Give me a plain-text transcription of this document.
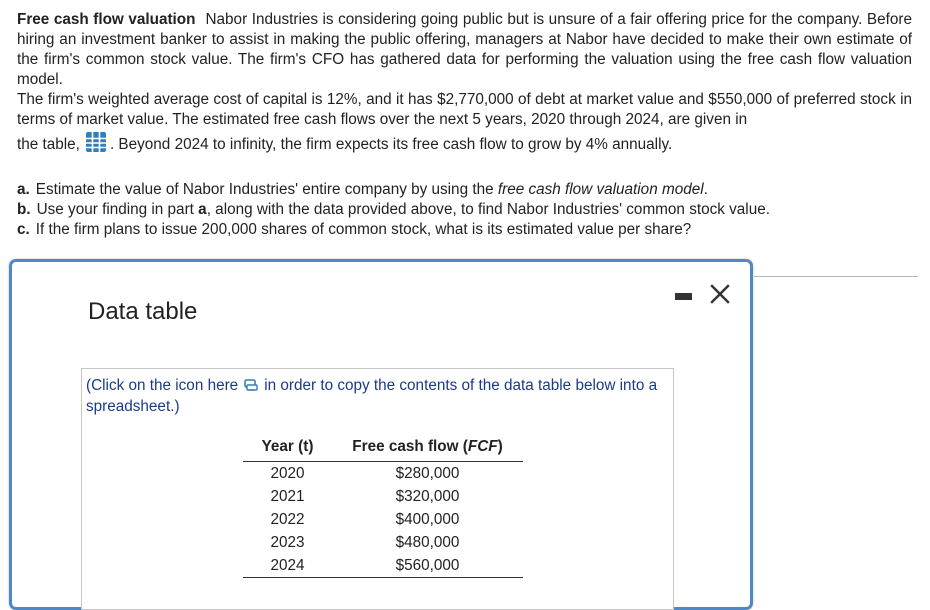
Free cash flow valuation Nabor Industries is considering going public but is unsure of a fair offering price for the company. Before hiring an investment banker to assist in making the public offering, managers at Nabor have decided to make their own estimate of the firm's common stock value. The firm's CFO has gathered data for performing the valuation using the free cash flow valuation model.

The firm's weighted average cost of capital is 12%, and it has $2,770,000 of debt at market value and $550,000 of preferred stock in terms of market value. The estimated free cash flows over the next 5 years, 2020 through 2024, are given in

the table, . Beyond 2024 to infinity, the firm expects its free cash flow to grow by 4% annually.

a. Estimate the value of Nabor Industries' entire company by using the free cash flow valuation model.
b. Use your finding in part a, along with the data provided above, to find Nabor Industries' common stock value.
c. If the firm plans to issue 200,000 shares of common stock, what is its estimated value per share?
Data table
(Click on the icon here in order to copy the contents of the data table below into a spreadsheet.)
Year (t)	Free cash flow (FCF)
2020	$280,000
2021	$320,000
2022	$400,000
2023	$480,000
2024	$560,000
